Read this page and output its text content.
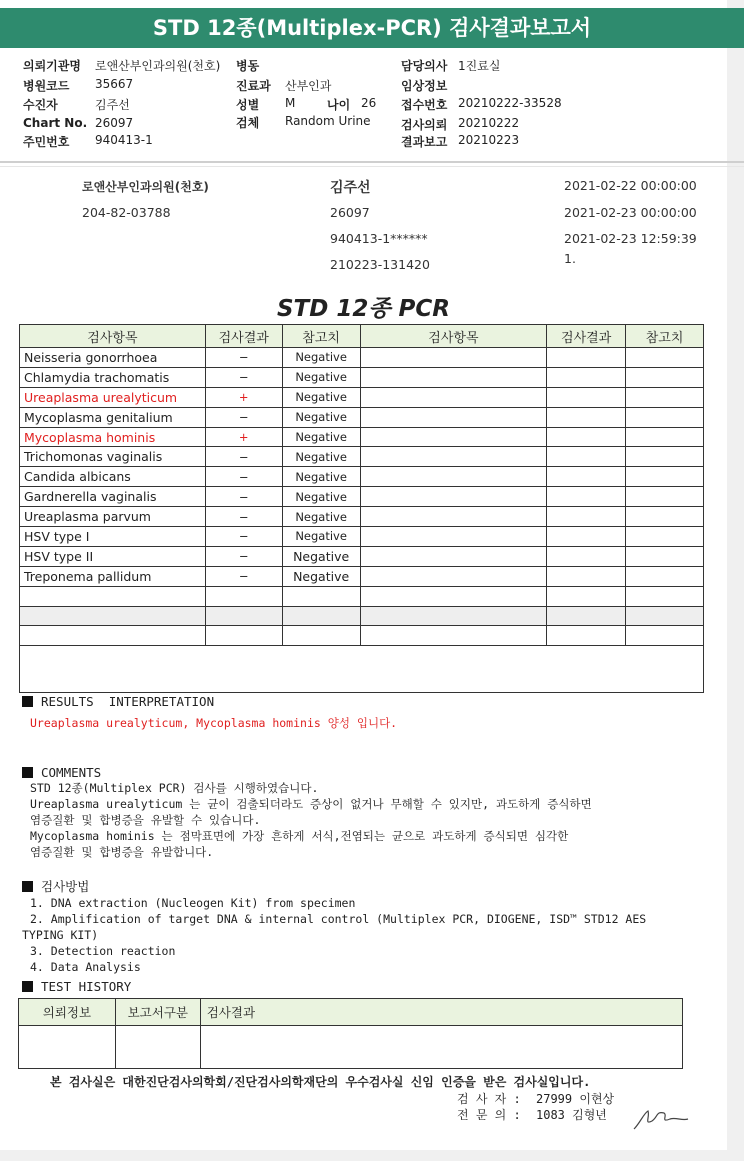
STD 12종(Multiplex-PCR) 검사결과보고서
의뢰기관명 로앤산부인과의원(천호)
병원코드 35667
수진자	김주선
Chart No. 26097
주민번호 940413-1
병동
진료과 산부인과
성별 M	나이 26
검체 Random Urine
담당의사 1진료실
임상정보
접수번호 20210222-33528
검사의뢰 20210222
결과보고 20210223
로앤산부인과의원(천호)
204-82-03788
김주선
26097
940413-1******
210223-131420
2021-02-22 00:00:00
2021-02-23 00:00:00
2021-02-23 12:59:39
1.
STD 12종 PCR
검사항목	검사결과	참고치	검사항목	검사결과	참고치
Neisseria gonorrhoea	−	Negative			
Chlamydia trachomatis	−	Negative			
Ureaplasma urealyticum	+	Negative			
Mycoplasma genitalium	−	Negative			
Mycoplasma hominis	+	Negative			
Trichomonas vaginalis	−	Negative			
Candida albicans	−	Negative			
Gardnerella vaginalis	−	Negative			
Ureaplasma parvum	−	Negative			
HSV type I	−	Negative			
HSV type II	−	Negative			
Treponema pallidum	−	Negative			

RESULTS  INTERPRETATION
Ureaplasma urealyticum, Mycoplasma hominis 양성 입니다.
COMMENTS
STD 12종(Multiplex PCR) 검사를 시행하였습니다.
Ureaplasma urealyticum 는 균이 검출되더라도 증상이 없거나 무해할 수 있지만, 과도하게 증식하면
염증질환 및 합병증을 유발할 수 있습니다.
Mycoplasma hominis 는 점막표면에 가장 흔하게 서식,전염되는 균으로 과도하게 증식되면 심각한
염증질환 및 합병증을 유발합니다.
검사방법
1. DNA extraction (Nucleogen Kit) from specimen
2. Amplification of target DNA & internal control (Multiplex PCR, DIOGENE, ISD™ STD12 AES
TYPING KIT)
3. Detection reaction
4. Data Analysis
TEST HISTORY
의뢰정보	보고서구분	검사결과

본 검사실은 대한진단검사의학회/진단검사의학재단의 우수검사실 신임 인증을 받은 검사실입니다.
검 사 자 : 27999 이현상
전 문 의 : 1083 김형년
